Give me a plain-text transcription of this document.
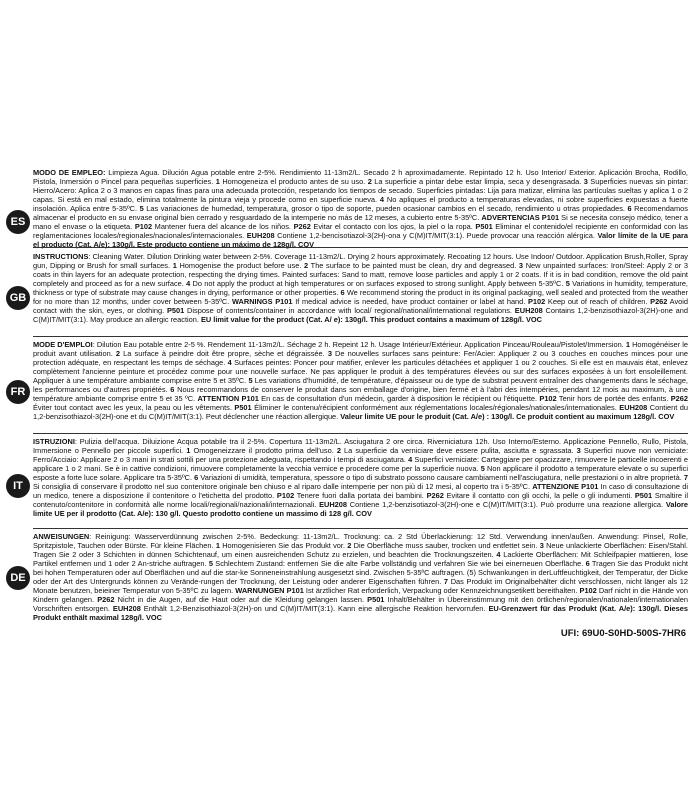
MODO DE EMPLEO: Limpieza Agua. Dilución Agua potable entre 2-5%. Rendimiento 11-13m2/L. Secado 2 h aproximadamente. Repintado 12 h. Uso Interior/ Exterior. Aplicación Brocha, Rodillo, Pistola, Inmersión o Pincel para pequeñas superficies. 1 Homogeneiza el producto antes de su uso. 2 La superficie a pintar debe estar limpia, seca y desengrasada. 3 Superficies nuevas sin pintar: Hierro/Acero: Aplica 2 o 3 manos en capas finas para una adecuada protección, respetando los tiempos de secado. Superficies pintadas: Lija para matizar, elimina las partículas sueltas y aplica 1 o 2 capas. Si está en mal estado, elimina totalmente la pintura vieja y procede como en superficie nueva. 4 No apliques el producto a temperaturas elevadas, ni sobre superficies expuestas a fuerte insolación. Aplica entre 5-35ºC. 5 Las variaciones de humedad, temperatura, grosor o tipo de soporte, pueden ocasionar cambios en el secado, rendimiento u otras propiedades. 6 Recomendamos almacenar el producto en su envase original bien cerrado y resguardado de la intemperie no más de 12 meses, a cubierto entre 5-35ºC. ADVERTENCIAS P101 Si se necesita consejo médico, tener a mano el envase o la etiqueta. P102 Mantener fuera del alcance de los niños. P262 Evitar el contacto con los ojos, la piel o la ropa. P501 Eliminar el contenido/el recipiente en conformidad con las reglamentaciones locales/regionales/nacionales/internacionales. EUH208 Contiene 1,2-bencisotiazol-3(2H)-ona y C(M)IT/MIT(3:1). Puede provocar una reacción alérgica. Valor límite de la UE para el producto (Cat. A/e): 130g/l. Este producto contiene un máximo de 128g/l. COV
ES
INSTRUCTIONS: Cleaning Water. Dilution Drinking water between 2-5%. Coverage 11-13m2/L. Drying 2 hours approximately. Recoating 12 hours. Use Indoor/ Outdoor. Application Brush,Roller, Spray gun, Dipping or Brush for small surfaces. 1 Homogenise the product before use. 2 The surface to be painted must be clean, dry and degreased. 3 New unpainted surfaces: Iron/Steel: Apply 2 or 3 coats in thin layers for an adequate protection, respecting the drying times. Painted surfaces: Sand to matt, remove loose particles and apply 1 or 2 coats. If it is in bad condition, remove the old paint completely and proceed as for a new surface. 4 Do not apply the product at high temperatures or on surfaces exposed to strong sunlight. Apply between 5-35ºC. 5 Variations in humidity, temperature, thickness or type of substrate may cause changes in drying, performance or other properties. 6 We recommend storing the product in its original packaging, well sealed and protected from the weather for no more than 12 months, under cover between 5-35ºC. WARNINGS P101 If medical advice is needed, have product container or label at hand. P102 Keep out of reach of children. P262 Avoid contact with the skin, eyes, or clothing. P501 Dispose of contents/container in accordance with local/ regional/national/international regulations. EUH208 Contains 1,2-benzisothiazol-3(2H)-one and C(M)IT/MIT(3:1). May produce an allergic reaction. EU limit value for the product (Cat. A/ e): 130g/l. This product contains a maximum of 128g/l. VOC
GB
MODE D'EMPLOI: Dilution Eau potable entre 2-5 %. Rendement 11-13m2/L. Séchage 2 h. Repeint 12 h. Usage Intérieur/Extérieur. Application Pinceau/Rouleau/Pistolet/Immersion. 1 Homogénéiser le produit avant utilisation. 2 La surface à peindre doit être propre, sèche et dégraissée. 3 De nouvelles surfaces sans peinture: Fer/Acier: Appliquer 2 ou 3 couches en couches minces pour une protection adéquate, en respectant les temps de séchage. 4 Surfaces peintes: Poncer pour matifier, enlever les particules détachées et appliquer 1 ou 2 couches. Si elle est en mauvais état, enlevez complètement l'ancienne peinture et procédez comme pour une nouvelle surface. Ne pas appliquer le produit à des températures élevées ou sur des surfaces exposées à un fort ensoleillement. Appliquer à une température ambiante comprise entre 5 et 35ºC. 5 Les variations d'humidité, de température, d'épaisseur ou de type de substrat peuvent entraîner des changements dans le séchage, les performances ou d'autres propriétés. 6 Nous recommandons de conserver le produit dans son emballage d'origine, bien fermé et à l'abri des intempéries, pendant 12 mois au maximum, à une température ambiante comprise entre 5 et 35 ºC. ATTENTION P101 En cas de consultation d'un médecin, garder à disposition le récipient ou l'étiquette. P102 Tenir hors de portée des enfants. P262 Éviter tout contact avec les yeux, la peau ou les vêtements. P501 Éliminer le contenu/récipient conformément aux réglementations locales/régionales/nationales/internationales. EUH208 Contient du 1,2-benzisothiazol-3(2H)-one et du C(M)IT/MIT(3:1). Peut déclencher une réaction allergique. Valeur limite UE pour le produit (Cat. A/e) : 130g/l. Ce produit contient au maximum 128g/l. COV
FR
ISTRUZIONI: Pulizia dell'acqua. Diluizione Acqua potabile tra il 2-5%. Copertura 11-13m2/L. Asciugatura 2 ore circa. Riverniciatura 12h. Uso Interno/Esterno. Applicazione Pennello, Rullo, Pistola, Immersione o Pennello per piccole superfici. 1 Omogeneizzare il prodotto prima dell'uso. 2 La superficie da verniciare deve essere pulita, asciutta e sgrassata. 3 Superfici nuove non verniciate: Ferro/Acciaio: Applicare 2 o 3 mani in strati sottili per una protezione adeguata, rispettando i tempi di asciugatura. 4 Superfici verniciate: Carteggiare per opacizzare, rimuovere le particelle incoerenti e applicare 1 o 2 mani. Se è in cattive condizioni, rimuovere completamente la vecchia vernice e procedere come per la superficie nuova. 5 Non applicare il prodotto a temperature elevate o su superfici esposte a forte luce solare. Applicare tra 5-35ºC. 6 Variazioni di umidità, temperatura, spessore o tipo di substrato possono causare cambiamenti nell'asciugatura, nelle prestazioni o in altre proprietà. 7 Si consiglia di conservare il prodotto nel suo contenitore originale ben chiuso e al riparo dalle intemperie per non più di 12 mesi, al coperto tra i 5-35ºC. ATTENZIONE P101 In caso di consultazione di un medico, tenere a disposizione il contenitore o l'etichetta del prodotto. P102 Tenere fuori dalla portata dei bambini. P262 Evitare il contatto con gli occhi, la pelle o gli indumenti. P501 Smaltire il contenuto/contenitore in conformità alle norme locali/regionali/nazionali/internazionali. EUH208 Contiene 1,2-benzisotiazol-3(2H)-one e C(M)IT/MIT(3:1). Può produrre una reazione allergica. Valore limite UE per il prodotto (Cat. A/e): 130 g/l. Questo prodotto contiene un massimo di 128 g/l. COV
IT
ANWEISUNGEN: Reinigung: Wasserverdünnung zwischen 2-5%. Bedeckung: 11-13m2/L. Trocknung: ca. 2 Std Überlackierung: 12 Std. Verwendung innen/außen. Anwendung: Pinsel, Rolle, Spritzpistole, Tauchen oder Bürste. Für kleine Flächen. 1 Homogenisieren Sie das Produkt vor. 2 Die Oberfläche muss sauber, trocken und entfettet sein. 3 Neue unlackierte Oberflächen: Eisen/Stahl. Tragen Sie 2 oder 3 Schichten in dünnen Schichtenauf, um einen ausreichenden Schutz zu erzielen, und beachten die Trocknungszeiten. 4 Lackierte Oberflächen: Mit Schleifpapier mattieren, lose Partikel entfernen und 1 oder 2 An-striche auftragen. 5 Schlechtem Zustand: entfernen Sie die alte Farbe vollständig und verfahren Sie wie bei einerneuen Oberfläche. 6 Tragen Sie das Produkt nicht bei hohen Temperaturen oder auf Oberflächen und auf die star-ke Sonneneinstrahlung ausgesetzt sind. Zwischen 5-35ºC auftragen. (5) Schwankungen in derLuftfeuchtigkeit, der Temperatur, der Dicke oder der Art des Untergrunds können zu Verände-rungen der Trocknung, der Leistung oder anderer Eigenschaften führen. 7 Das Produkt im Originalbehälter dicht verschlossen, nicht länger als 12 Monate benutzen, beieiner Temperatur von 5-35ºC zu lagern. WARNUNGEN P101 Ist ärztlicher Rat erforderlich, Verpackung oder Kennzeichnungsetikett bereithalten. P102 Darf nicht in die Hände von Kindern gelangen. P262 Nicht in die Augen, auf die Haut oder auf die Kleidung gelangen lassen. P501 Inhalt/Behälter in Übereinstimmung mit den örtlichen/regionalen/nationalen/internationalen Vorschriften entsorgen. EUH208 Enthält 1,2-Benzisothiazol-3(2H)-on und C(M)IT/MIT(3:1). Kann eine allergische Reaktion hervorrufen. EU-Grenzwert für das Produkt (Kat. A/e): 130g/l. Dieses Produkt enthält maximal 128g/l. VOC
DE
UFI: 69U0-S0HD-500S-7HR6
